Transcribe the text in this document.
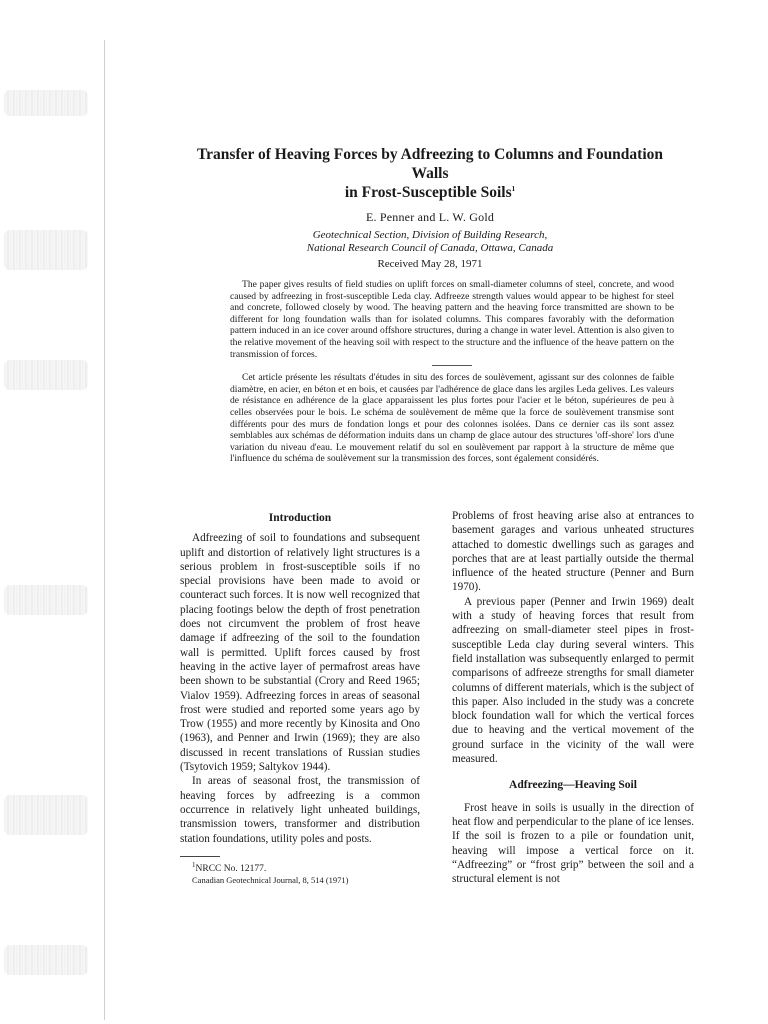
Transfer of Heaving Forces by Adfreezing to Columns and Foundation Walls
in Frost-Susceptible Soils$^1$
E. Penner and L. W. Gold
Geotechnical Section, Division of Building Research,
National Research Council of Canada, Ottawa, Canada
Received May 28, 1971

The paper gives results of field studies on uplift forces on small-diameter columns of steel, concrete, and wood caused by adfreezing in frost-susceptible Leda clay. Adfreeze strength values would appear to be highest for steel and concrete, followed closely by wood. The heaving pattern and the heaving force transmitted are shown to be different for long foundation walls than for isolated columns. This compares favorably with the deformation pattern induced in an ice cover around offshore structures, during a change in water level. Attention is also given to the relative movement of the heaving soil with respect to the structure and the influence of the heave pattern on the transmission of forces.

Cet article présente les résultats d'études in situ des forces de soulèvement, agissant sur des colonnes de faible diamètre, en acier, en béton et en bois, et causées par l'adhérence de glace dans les argiles Leda gelives. Les valeurs de résistance en adhérence de la glace apparaissent les plus fortes pour l'acier et le béton, supérieures de peu à celles observées pour le bois. Le schéma de soulèvement de même que la force de soulèvement transmise sont différents pour des murs de fondation longs et pour des colonnes isolées. Dans ce dernier cas ils sont assez semblables aux schémas de déformation induits dans un champ de glace autour des structures 'off-shore' lors d'une variation du niveau d'eau. Le mouvement relatif du sol en soulèvement par rapport à la structure de même que l'influence du schéma de soulèvement sur la transmission des forces, sont également considérés.

Introduction

Adfreezing of soil to foundations and subsequent uplift and distortion of relatively light structures is a serious problem in frost-susceptible soils if no special provisions have been made to avoid or counteract such forces. It is now well recognized that placing footings below the depth of frost penetration does not circumvent the problem of frost heave damage if adfreezing of the soil to the foundation wall is permitted. Uplift forces caused by frost heaving in the active layer of permafrost areas have been shown to be substantial (Crory and Reed 1965; Vialov 1959). Adfreezing forces in areas of seasonal frost were studied and reported some years ago by Trow (1955) and more recently by Kinosita and Ono (1963), and Penner and Irwin (1969); they are also discussed in recent translations of Russian studies (Tsytovich 1959; Saltykov 1944).

In areas of seasonal frost, the transmission of heaving forces by adfreezing is a common occurrence in relatively light unheated buildings, transmission towers, transformer and distribution station foundations, utility poles and posts.

$^1$NRCC No. 12177.

Canadian Geotechnical Journal, 8, 514 (1971)

Problems of frost heaving arise also at entrances to basement garages and various unheated structures attached to domestic dwellings such as garages and porches that are at least partially outside the thermal influence of the heated structure (Penner and Burn 1970).

A previous paper (Penner and Irwin 1969) dealt with a study of heaving forces that result from adfreezing on small-diameter steel pipes in frost-susceptible Leda clay during several winters. This field installation was subsequently enlarged to permit comparisons of adfreeze strengths for small diameter columns of different materials, which is the subject of this paper. Also included in the study was a concrete block foundation wall for which the vertical forces due to heaving and the vertical movement of the ground surface in the vicinity of the wall were measured.

Adfreezing—Heaving Soil

Frost heave in soils is usually in the direction of heat flow and perpendicular to the plane of ice lenses. If the soil is frozen to a pile or foundation unit, heaving will impose a vertical force on it. “Adfreezing” or “frost grip” between the soil and a structural element is not
